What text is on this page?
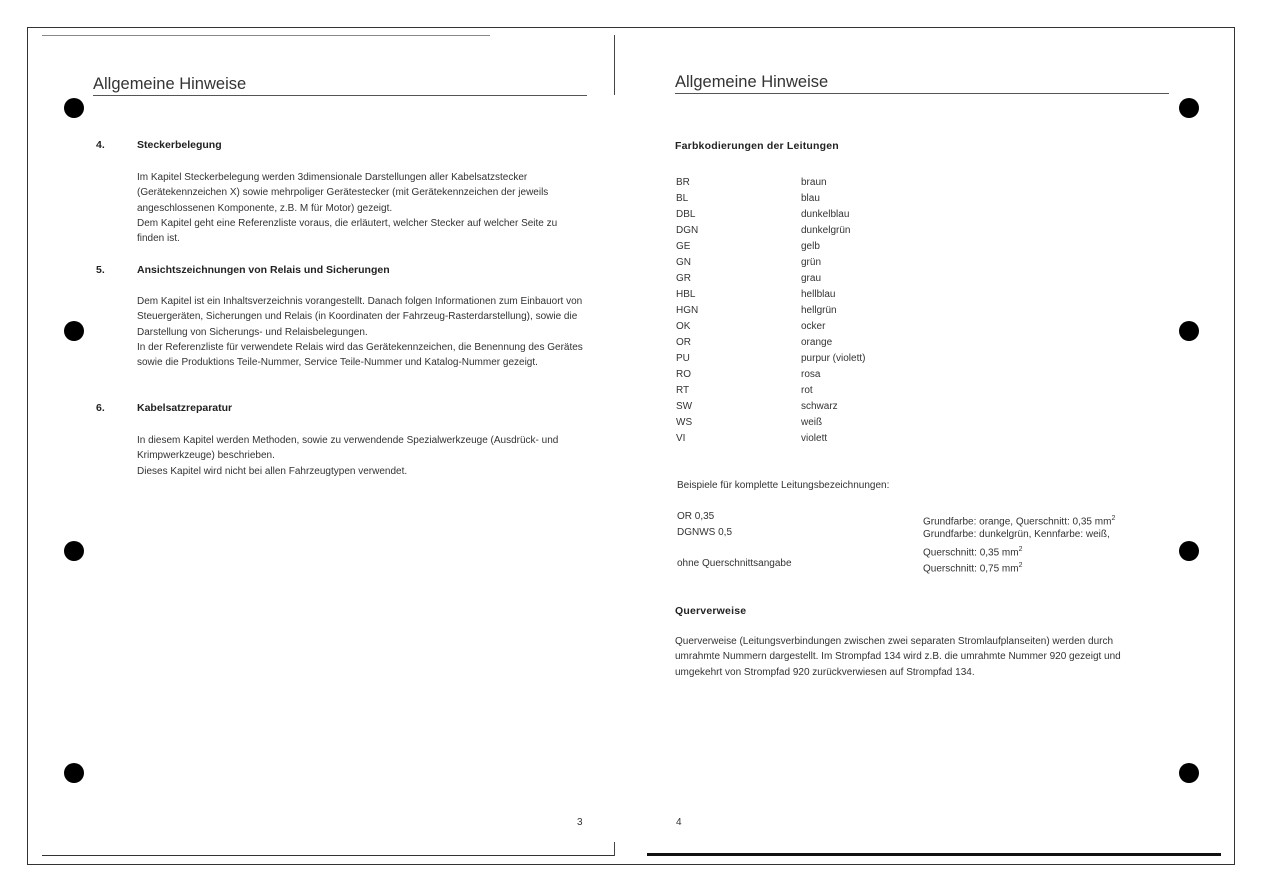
Allgemeine Hinweise
4.	Steckerbelegung

Im Kapitel Steckerbelegung werden 3dimensionale Darstellungen aller Kabelsatzstecker (Gerätekennzeichen X) sowie mehrpoliger Gerätestecker (mit Gerätekennzeichen der jeweils angeschlossenen Komponente, z.B. M für Motor) gezeigt.

Dem Kapitel geht eine Referenzliste voraus, die erläutert, welcher Stecker auf welcher Seite zu finden ist.

5.	Ansichtszeichnungen von Relais und Sicherungen

Dem Kapitel ist ein Inhaltsverzeichnis vorangestellt. Danach folgen Informationen zum Einbauort von Steuergeräten, Sicherungen und Relais (in Koordinaten der Fahrzeug-Rasterdarstellung), sowie die Darstellung von Sicherungs- und Relaisbelegungen.

In der Referenzliste für verwendete Relais wird das Gerätekennzeichen, die Benennung des Gerätes sowie die Produktions Teile-Nummer, Service Teile-Nummer und Katalog-Nummer gezeigt.

6.	Kabelsatzreparatur

In diesem Kapitel werden Methoden, sowie zu verwendende Spezialwerkzeuge (Ausdrück- und Krimpwerkzeuge) beschrieben.

Dieses Kapitel wird nicht bei allen Fahrzeugtypen verwendet.

3
Allgemeine Hinweise
Farbkodierungen der Leitungen
BR	braun
BL	blau
DBL	dunkelblau
DGN	dunkelgrün
GE	gelb
GN	grün
GR	grau
HBL	hellblau
HGN	hellgrün
OK	ocker
OR	orange
PU	purpur (violett)
RO	rosa
RT	rot
SW	schwarz
WS	weiß
VI	violett
Beispiele für komplette Leitungsbezeichnungen:
OR 0,35	Grundfarbe: orange, Querschnitt: 0,35 $mm^2$
DGNWS 0,5	Grundfarbe: dunkelgrün, Kennfarbe: weiß, Querschnitt: 0,35 $mm^2$
ohne Querschnittsangabe	Querschnitt: 0,75 $mm^2$
Querverweise
Querverweise (Leitungsverbindungen zwischen zwei separaten Stromlaufplanseiten) werden durch umrahmte Nummern dargestellt. Im Strompfad 134 wird z.B. die umrahmte Nummer 920 gezeigt und umgekehrt von Strompfad 920 zurückverwiesen auf Strompfad 134.
4
